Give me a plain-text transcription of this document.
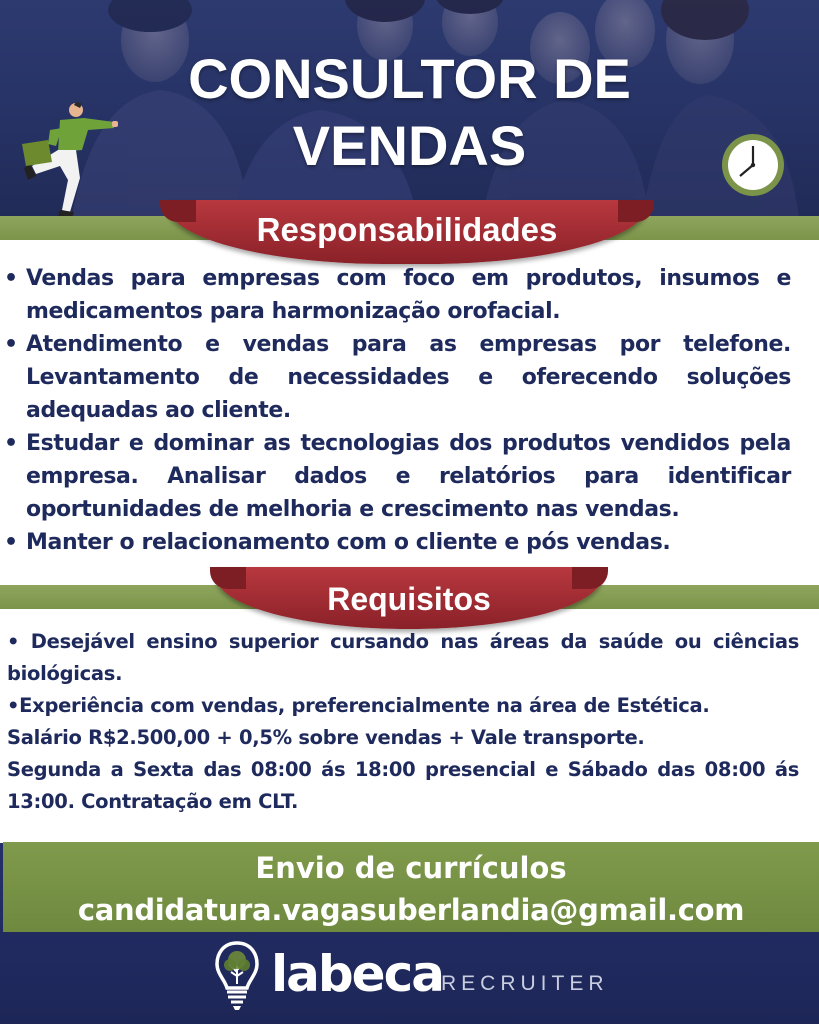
CONSULTOR DE
VENDAS
Responsabilidades
• Vendas para empresas com foco em produtos, insumos e medicamentos para harmonização orofacial.
• Atendimento e vendas para as empresas por telefone. Levantamento de necessidades e oferecendo soluções adequadas ao cliente.
• Estudar e dominar as tecnologias dos produtos vendidos pela empresa. Analisar dados e relatórios para identificar oportunidades de melhoria e crescimento nas vendas.
• Manter o relacionamento com o cliente e pós vendas.
Requisitos

• Desejável ensino superior cursando nas áreas da saúde ou ciências biológicas.

•Experiência com vendas, preferencialmente na área de Estética.

Salário R$2.500,00 + 0,5% sobre vendas + Vale transporte.

Segunda a Sexta das 08:00 ás 18:00 presencial e Sábado das 08:00 ás 13:00. Contratação em CLT.

Envio de currículos
candidatura.vagasuberlandia@gmail.com
labeca
RECRUITER
